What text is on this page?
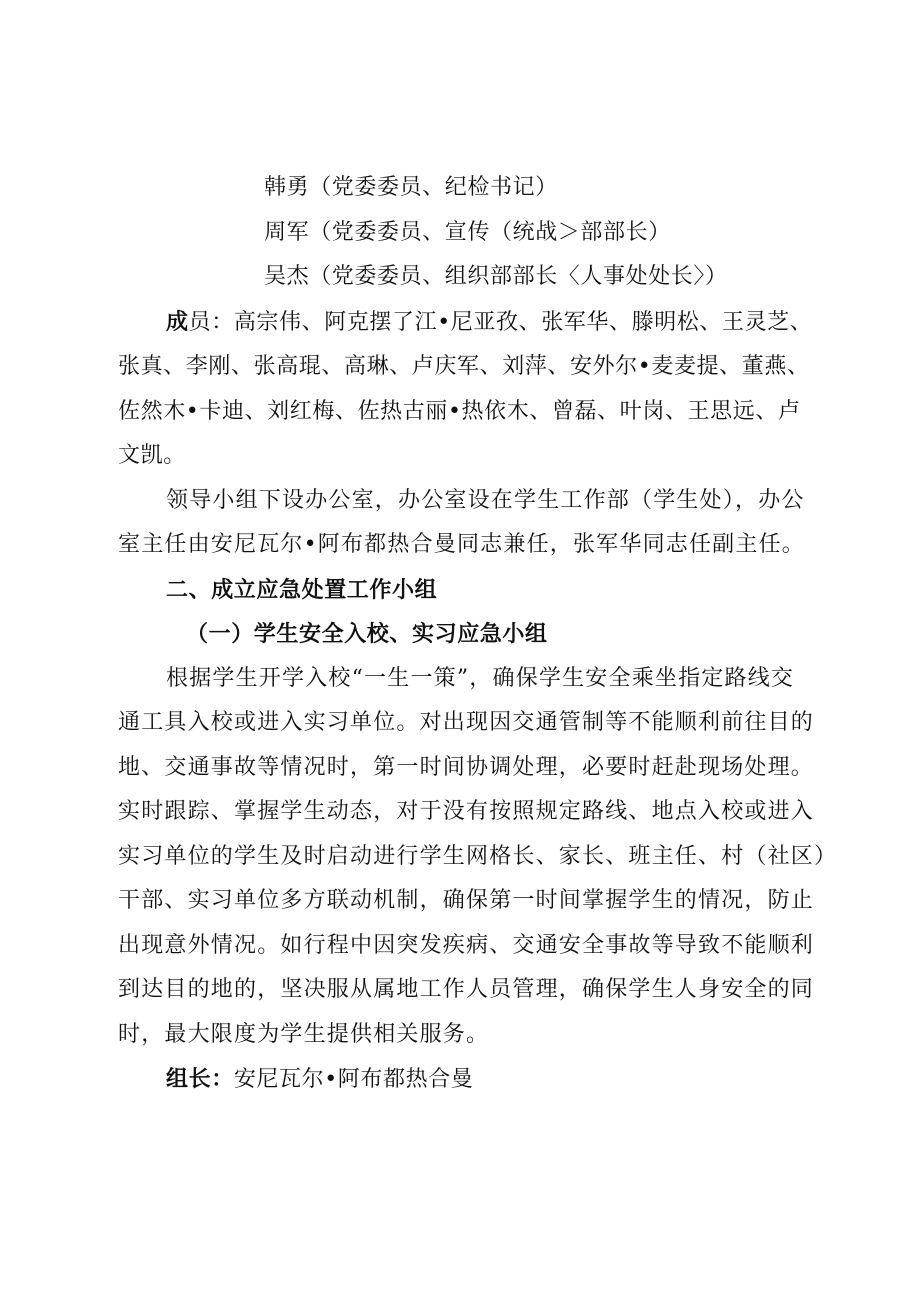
韩勇（党委委员、纪检书记）
周军（党委委员、宣传（统战＞部部长）
吴杰（党委委员、组织部部长〈人事处处长〉）
成员：高宗伟、阿克摆了江•尼亚孜、张军华、滕明松、王灵芝、
张真、李刚、张高琨、高琳、卢庆军、刘萍、安外尔•麦麦提、董燕、
佐然木•卡迪、刘红梅、佐热古丽•热依木、曾磊、叶岗、王思远、卢
文凯。
领导小组下设办公室，办公室设在学生工作部（学生处），办公
室主任由安尼瓦尔•阿布都热合曼同志兼任，张军华同志任副主任。
二、成立应急处置工作小组
（一）学生安全入校、实习应急小组
根据学生开学入校“一生一策”，确保学生安全乘坐指定路线交
通工具入校或进入实习单位。对出现因交通管制等不能顺利前往目的
地、交通事故等情况时，第一时间协调处理，必要时赶赴现场处理。
实时跟踪、掌握学生动态，对于没有按照规定路线、地点入校或进入
实习单位的学生及时启动进行学生网格长、家长、班主任、村（社区）
干部、实习单位多方联动机制，确保第一时间掌握学生的情况，防止
出现意外情况。如行程中因突发疾病、交通安全事故等导致不能顺利
到达目的地的，坚决服从属地工作人员管理，确保学生人身安全的同
时，最大限度为学生提供相关服务。
组长：安尼瓦尔•阿布都热合曼
